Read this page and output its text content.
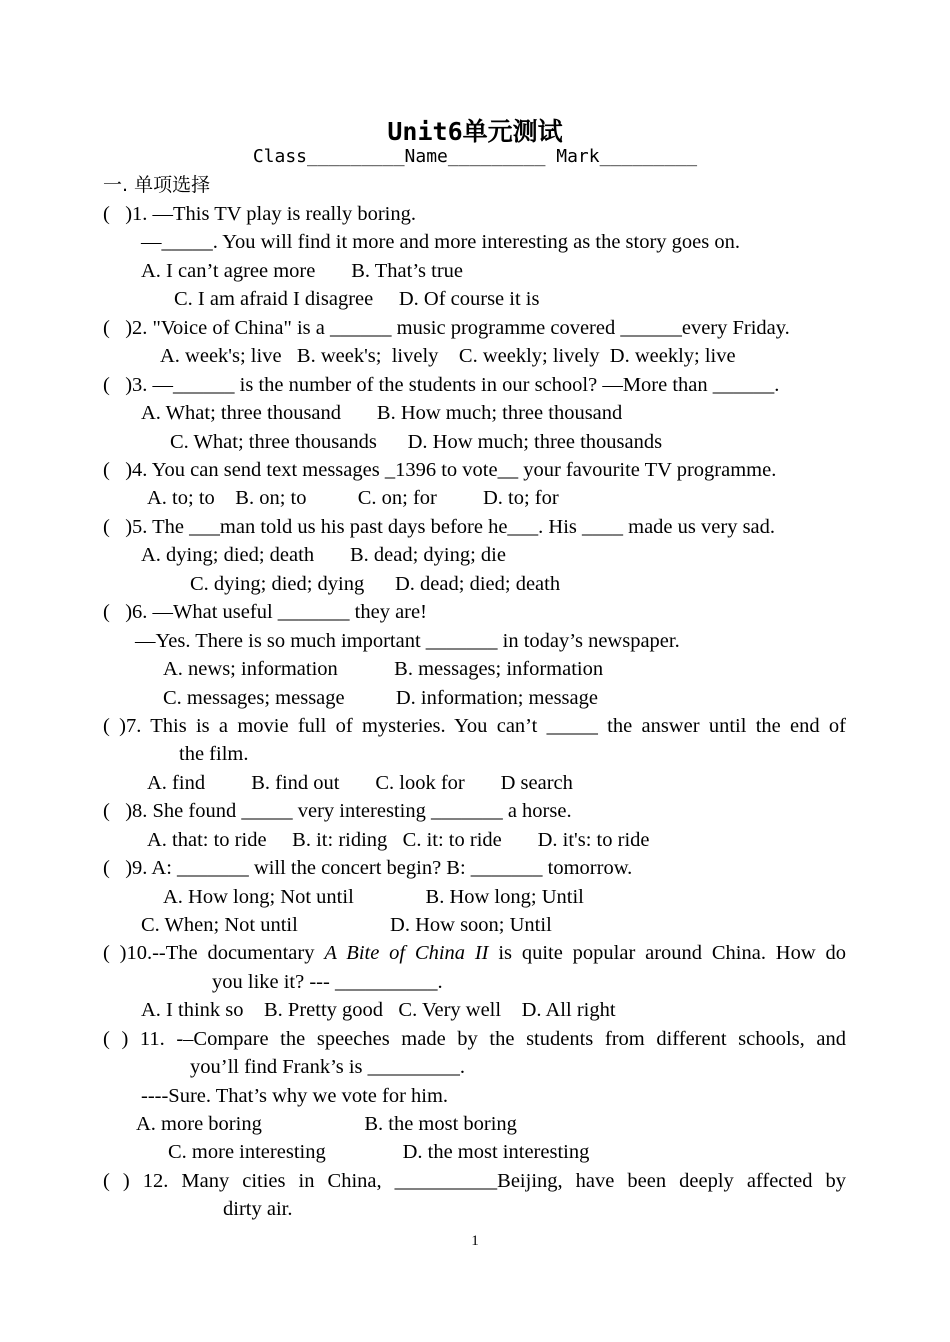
Unit6单元测试
Class_________Name_________ Mark_________
一. 单项选择
(   )1. —This TV play is really boring.
—_____. You will find it more and more interesting as the story goes on.
A. I can’t agree more       B. That’s true
C. I am afraid I disagree     D. Of course it is
(   )2. "Voice of China" is a ______ music programme covered ______every Friday.
A. week's; live   B. week's;  lively    C. weekly; lively  D. weekly; live
(   )3. —______ is the number of the students in our school? —More than ______.
A. What; three thousand       B. How much; three thousand
C. What; three thousands      D. How much; three thousands
(   )4. You can send text messages _1396 to vote__ your favourite TV programme.
A. to; to    B. on; to          C. on; for         D. to; for
(   )5. The ___man told us his past days before he___. His ____ made us very sad.
A. dying; died; death       B. dead; dying; die
C. dying; died; dying      D. dead; died; death
(   )6. —What useful _______ they are!
—Yes. There is so much important _______ in today’s newspaper.
A. news; information           B. messages; information
C. messages; message          D. information; message
( )7. This is a movie full of mysteries. You can’t _____ the answer until the end of
the film.
A. find         B. find out       C. look for       D search
(   )8. She found _____ very interesting _______ a horse.
A. that: to ride     B. it: riding   C. it: to ride       D. it's: to ride
(   )9. A: _______ will the concert begin? B: _______ tomorrow.
A. How long; Not until              B. How long; Until
C. When; Not until                  D. How soon; Until
( )10.--The documentary A Bite of China II is quite popular around China. How do
you like it? --- __________.
A. I think so    B. Pretty good   C. Very well    D. All right
( ) 11. -–Compare the speeches made by the students from different schools, and
you’ll find Frank’s is _________.
----Sure. That’s why we vote for him.
A. more boring                    B. the most boring
C. more interesting               D. the most interesting
( ) 12. Many cities in China, __________Beijing, have been deeply affected by
dirty air.
1
